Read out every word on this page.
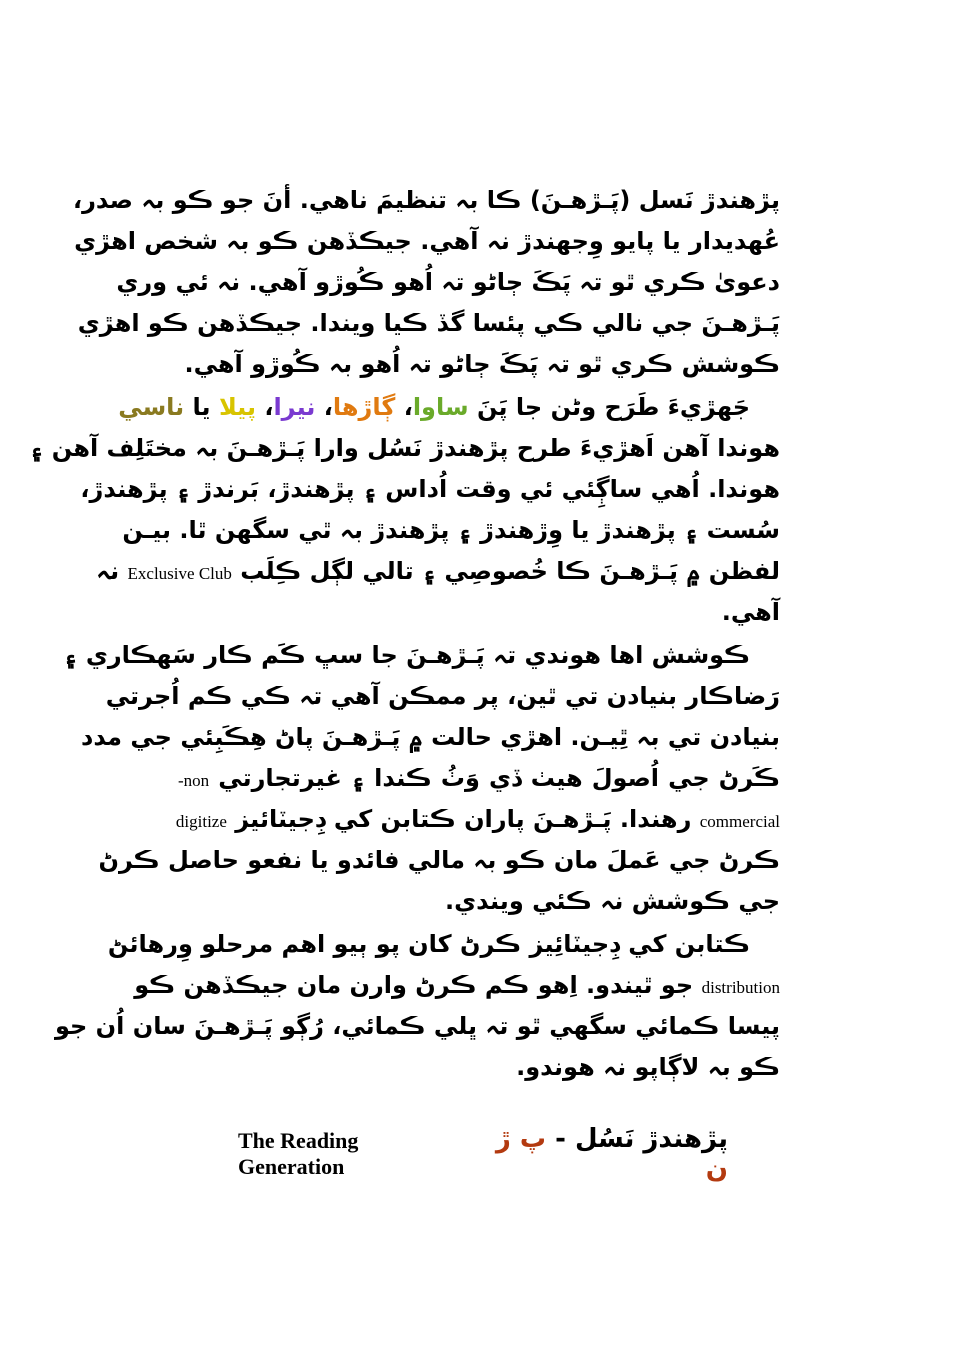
پڙهندڙ نَسل (پَـڙهـنَ) ڪا بہ تنظيمَ ناهي. أنَ جو ڪو بہ صدر،
عُهديدار يا پايو وِجهندڙ نہ آهي. جيڪڏهن ڪو بہ شخص اهڙي
دعوىٰ ڪري ٿو تہ پَڪَ ڄاڻو تہ اُهو ڪُوڙو آهي. نہ ئي وري
پَـڙهـنَ جي نالي ڪي پئسا گڏ ڪيا ويندا. جيڪڏهن ڪو اهڙي
ڪوشش ڪري ٿو تہ پَڪَ ڄاڻو تہ اُهو بہ ڪُوڙو آهي.
جَهڙيءَ طَرَح وڻن جا پَنَ ساوا، ڳاڙها، نيرا، پيلا يا ناسي
هوندا آهن اَهڙيءَ طرح پڙهندڙ نَسُل وارا پَـڙهـنَ بہ مختَلِف آهن ۽
هوندا. اُهي ساڳِئي ئي وقت اُداس ۽ پڙهندڙ، بَرندڙ ۽ پڙهندڙ،
سُست ۽ پڙهندڙ يا وِڙهندڙ ۽ پڙهندڙ بہ ٿي سگهن ٿا. بيـن
لفظن ۾ پَـڙهـنَ ڪا خُصوصِي ۽ تالي لڳل ڪِلَب Exclusive Club نہ
آهي.
ڪوشش اها هوندي تہ پَـڙهـنَ جا سڀ ڪَم ڪار سَهڪاري ۽
رَضاڪار بنيادن تي ٿين، پر ممڪن آهي تہ ڪي ڪم اُجرتي
بنيادن تي بہ ٿِيـن. اهڙي حالت ۾ پَـڙهـنَ پاڻ هِڪَبِئي جي مدد
ڪَرڻ جي اُصولَ هيٺ ڏي وَٺُ ڪندا ۽ غيرتجارتي non-
commercial رهندا. پَـڙهـنَ پاران ڪتابن کي ڊِجيٽائيز digitize
ڪرڻ جي عَملَ مان ڪو بہ مالي فائدو يا نفعو حاصل ڪرڻ
جي ڪوشش نہ ڪئي ويندي.
ڪتابن کي ڊِجيٽائِيز ڪرڻ کان پو ٻيو اهم مرحلو وِرهائڻ
distribution جو ٿيندو. اِهو ڪم ڪرڻ وارن مان جيڪڏهن ڪو
پيسا ڪمائي سگهي ٿو تہ ڀلي ڪمائي، رُڳو پَـڙهـنَ سان اُن جو
ڪو بہ لاڳاپو نہ هوندو.
The Reading Generation
پڙهندڙ نَسُل - پ ڙ ن
